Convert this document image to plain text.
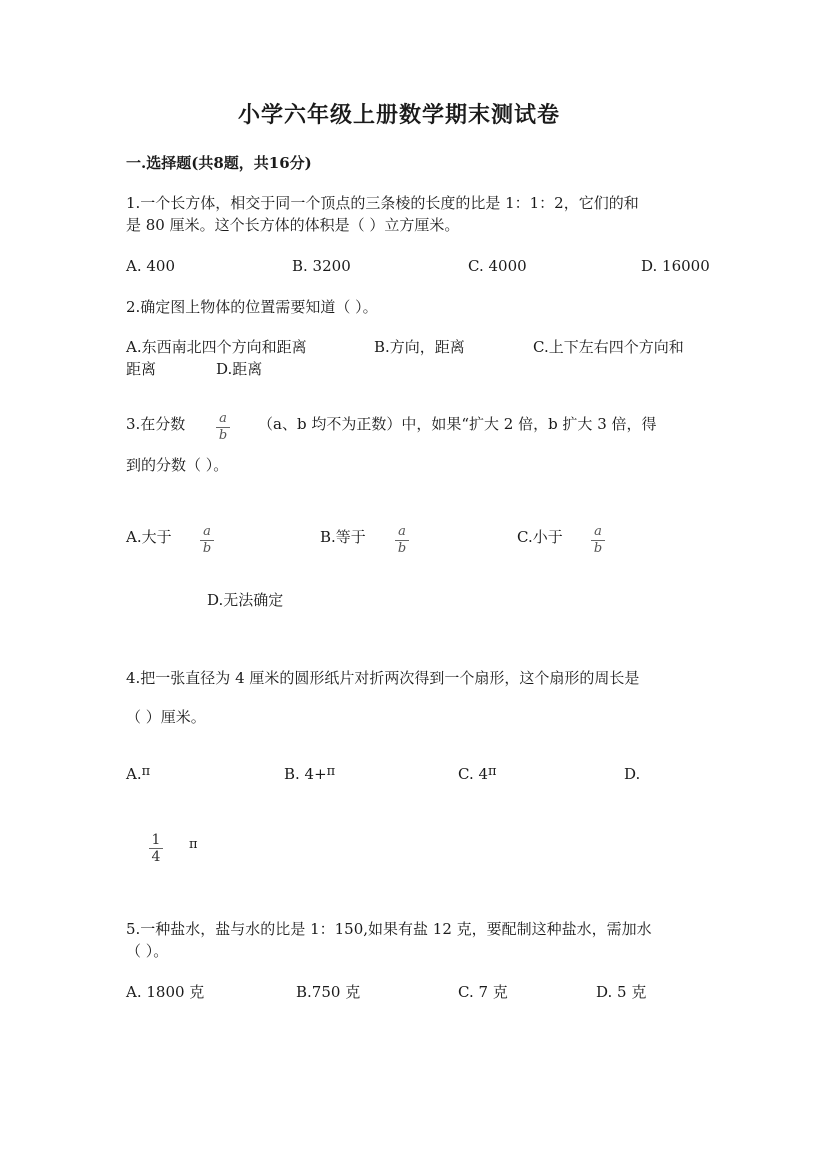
小学六年级上册数学期末测试卷
一.选择题(共8题，共16分)
1.一个长方体，相交于同一个顶点的三条棱的长度的比是 1：1：2，它们的和
是 80 厘米。这个长方体的体积是（ ）立方厘米。
A. 400	B. 3200	C. 4000	D. 16000
2.确定图上物体的位置需要知道（ ）。
A.东西南北四个方向和距离	B.方向，距离	C.上下左右四个方向和
距离	D.距离
3.在分数	a
b
（a、b 均不为正数）中，如果“扩大 2 倍，b 扩大 3 倍，得
到的分数（ ）。
A.大于 a
b
B.等于 a
b
C.小于 a
b
D.无法确定
4.把一张直径为 4 厘米的圆形纸片对折两次得到一个扇形，这个扇形的周长是
（ ）厘米。
A.π	B. 4+π	C. 4π	D.
1
4
π
5.一种盐水，盐与水的比是 1：150,如果有盐 12 克，要配制这种盐水，需加水
（ ）。
A. 1800 克	B.750 克	C. 7 克	D. 5 克
